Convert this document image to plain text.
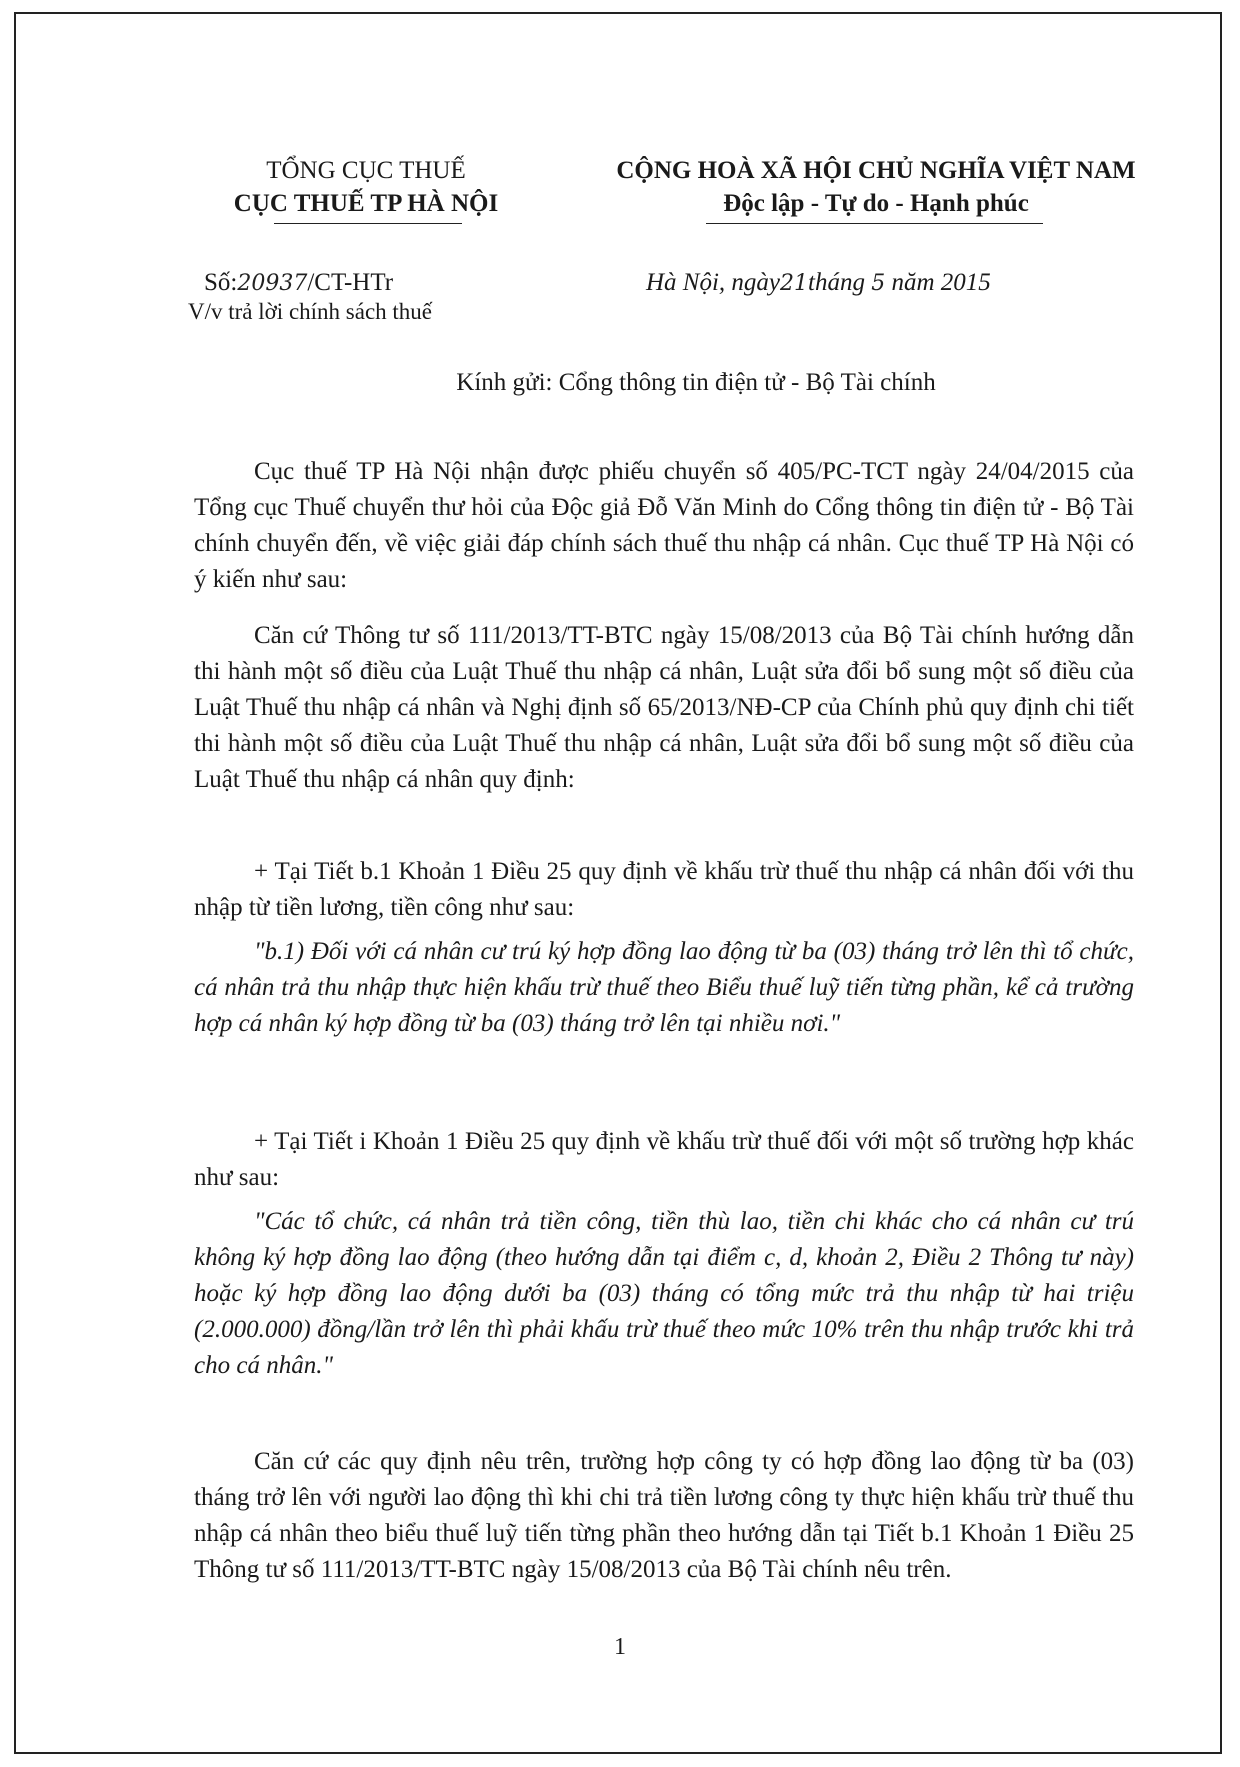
TỔNG CỤC THUẾ
CỤC THUẾ TP HÀ NỘI
CỘNG HOÀ XÃ HỘI CHỦ NGHĨA VIỆT NAM
Độc lập - Tự do - Hạnh phúc
Số:20937/CT-HTr
V/v trả lời chính sách thuế
Hà Nội, ngày21tháng 5 năm 2015
Kính gửi: Cổng thông tin điện tử - Bộ Tài chính

Cục thuế TP Hà Nội nhận được phiếu chuyển số 405/PC-TCT ngày 24/04/2015 của Tổng cục Thuế chuyển thư hỏi của Độc giả Đỗ Văn Minh do Cổng thông tin điện tử - Bộ Tài chính chuyển đến, về việc giải đáp chính sách thuế thu nhập cá nhân. Cục thuế TP Hà Nội có ý kiến như sau:

Căn cứ Thông tư số 111/2013/TT-BTC ngày 15/08/2013 của Bộ Tài chính hướng dẫn thi hành một số điều của Luật Thuế thu nhập cá nhân, Luật sửa đổi bổ sung một số điều của Luật Thuế thu nhập cá nhân và Nghị định số 65/2013/NĐ-CP của Chính phủ quy định chi tiết thi hành một số điều của Luật Thuế thu nhập cá nhân, Luật sửa đổi bổ sung một số điều của Luật Thuế thu nhập cá nhân quy định:

+ Tại Tiết b.1 Khoản 1 Điều 25 quy định về khấu trừ thuế thu nhập cá nhân đối với thu nhập từ tiền lương, tiền công như sau:

"b.1) Đối với cá nhân cư trú ký hợp đồng lao động từ ba (03) tháng trở lên thì tổ chức, cá nhân trả thu nhập thực hiện khấu trừ thuế theo Biểu thuế luỹ tiến từng phần, kể cả trường hợp cá nhân ký hợp đồng từ ba (03) tháng trở lên tại nhiều nơi."

+ Tại Tiết i Khoản 1 Điều 25 quy định về khấu trừ thuế đối với một số trường hợp khác như sau:

"Các tổ chức, cá nhân trả tiền công, tiền thù lao, tiền chi khác cho cá nhân cư trú không ký hợp đồng lao động (theo hướng dẫn tại điểm c, d, khoản 2, Điều 2 Thông tư này) hoặc ký hợp đồng lao động dưới ba (03) tháng có tổng mức trả thu nhập từ hai triệu (2.000.000) đồng/lần trở lên thì phải khấu trừ thuế theo mức 10% trên thu nhập trước khi trả cho cá nhân."

Căn cứ các quy định nêu trên, trường hợp công ty có hợp đồng lao động từ ba (03) tháng trở lên với người lao động thì khi chi trả tiền lương công ty thực hiện khấu trừ thuế thu nhập cá nhân theo biểu thuế luỹ tiến từng phần theo hướng dẫn tại Tiết b.1 Khoản 1 Điều 25 Thông tư số 111/2013/TT-BTC ngày 15/08/2013 của Bộ Tài chính nêu trên.

1
